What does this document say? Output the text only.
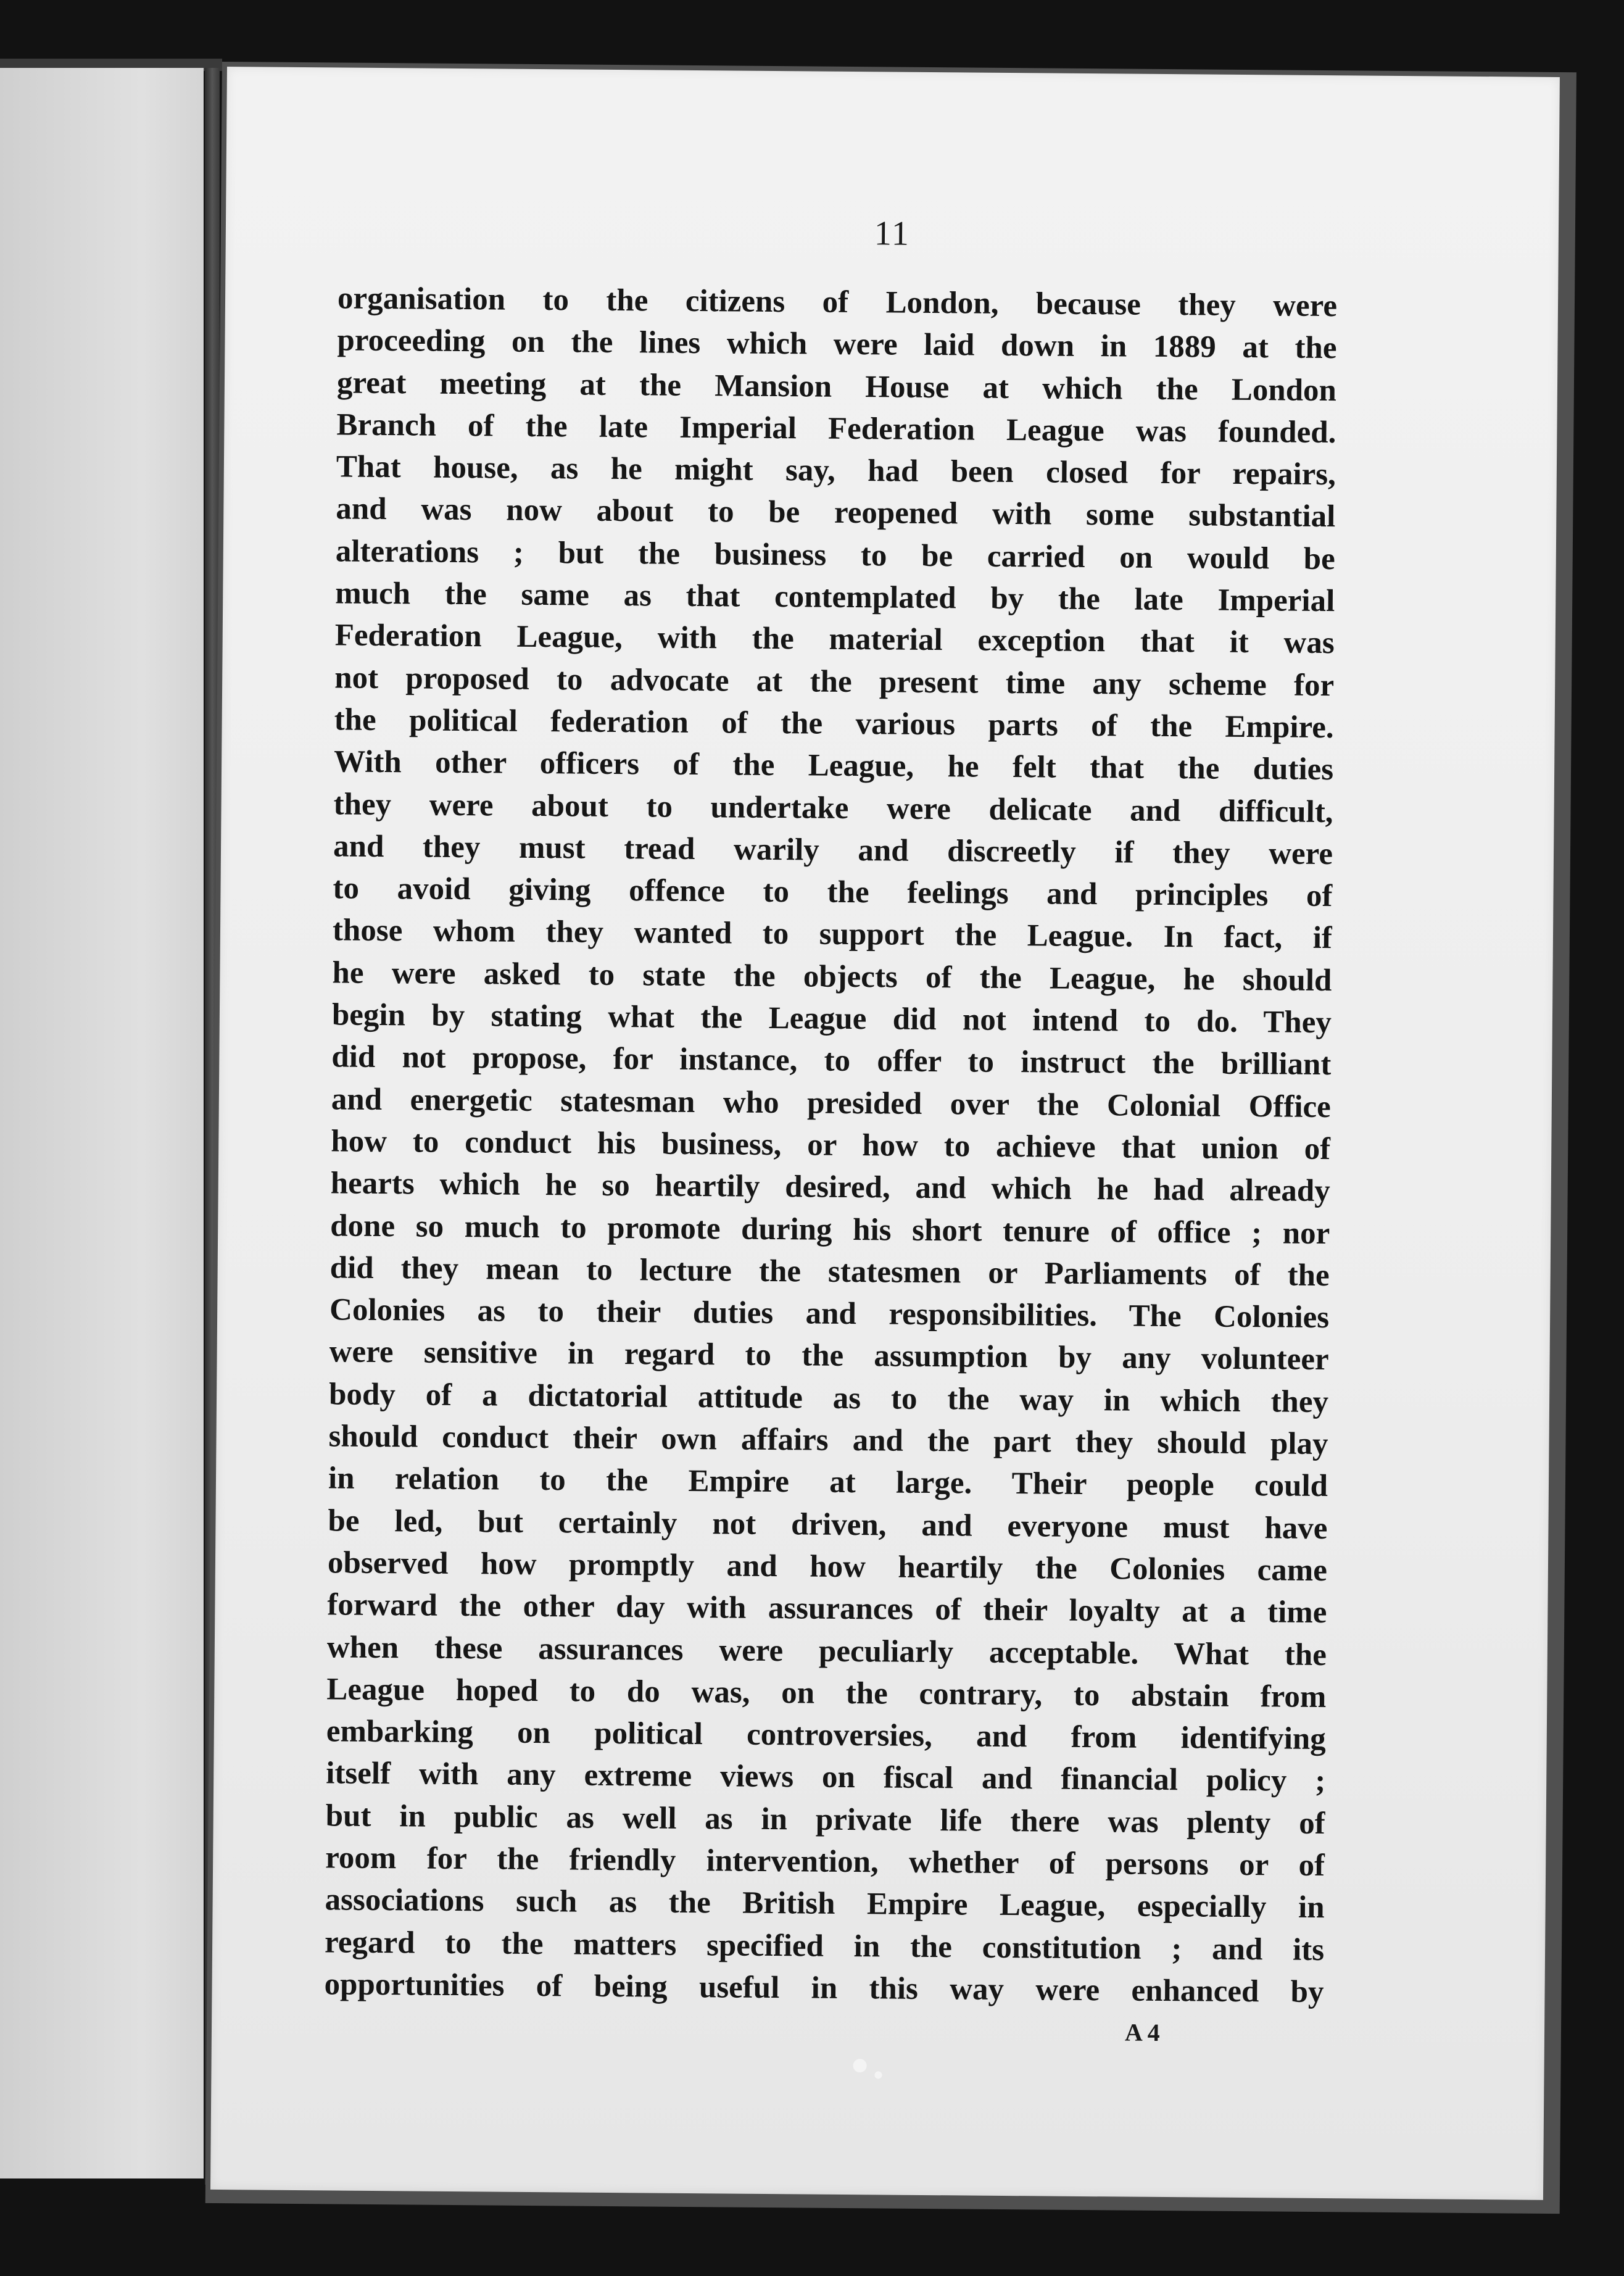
11
organisation to the citizens of London, because they were
proceeding on the lines which were laid down in 1889 at the
great meeting at the Mansion House at which the London
Branch of the late Imperial Federation League was founded.
That house, as he might say, had been closed for repairs,
and was now about to be reopened with some substantial
alterations ; but the business to be carried on would be
much the same as that contemplated by the late Imperial
Federation League, with the material exception that it was
not proposed to advocate at the present time any scheme for
the political federation of the various parts of the Empire.
With other officers of the League, he felt that the duties
they were about to undertake were delicate and difficult,
and they must tread warily and discreetly if they were
to avoid giving offence to the feelings and principles of
those whom they wanted to support the League. In fact, if
he were asked to state the objects of the League, he should
begin by stating what the League did not intend to do. They
did not propose, for instance, to offer to instruct the brilliant
and energetic statesman who presided over the Colonial Office
how to conduct his business, or how to achieve that union of
hearts which he so heartily desired, and which he had already
done so much to promote during his short tenure of office ; nor
did they mean to lecture the statesmen or Parliaments of the
Colonies as to their duties and responsibilities. The Colonies
were sensitive in regard to the assumption by any volunteer
body of a dictatorial attitude as to the way in which they
should conduct their own affairs and the part they should play
in relation to the Empire at large. Their people could
be led, but certainly not driven, and everyone must have
observed how promptly and how heartily the Colonies came
forward the other day with assurances of their loyalty at a time
when these assurances were peculiarly acceptable. What the
League hoped to do was, on the contrary, to abstain from
embarking on political controversies, and from identifying
itself with any extreme views on fiscal and financial policy ;
but in public as well as in private life there was plenty of
room for the friendly intervention, whether of persons or of
associations such as the British Empire League, especially in
regard to the matters specified in the constitution ; and its
opportunities of being useful in this way were enhanced by
A 4
